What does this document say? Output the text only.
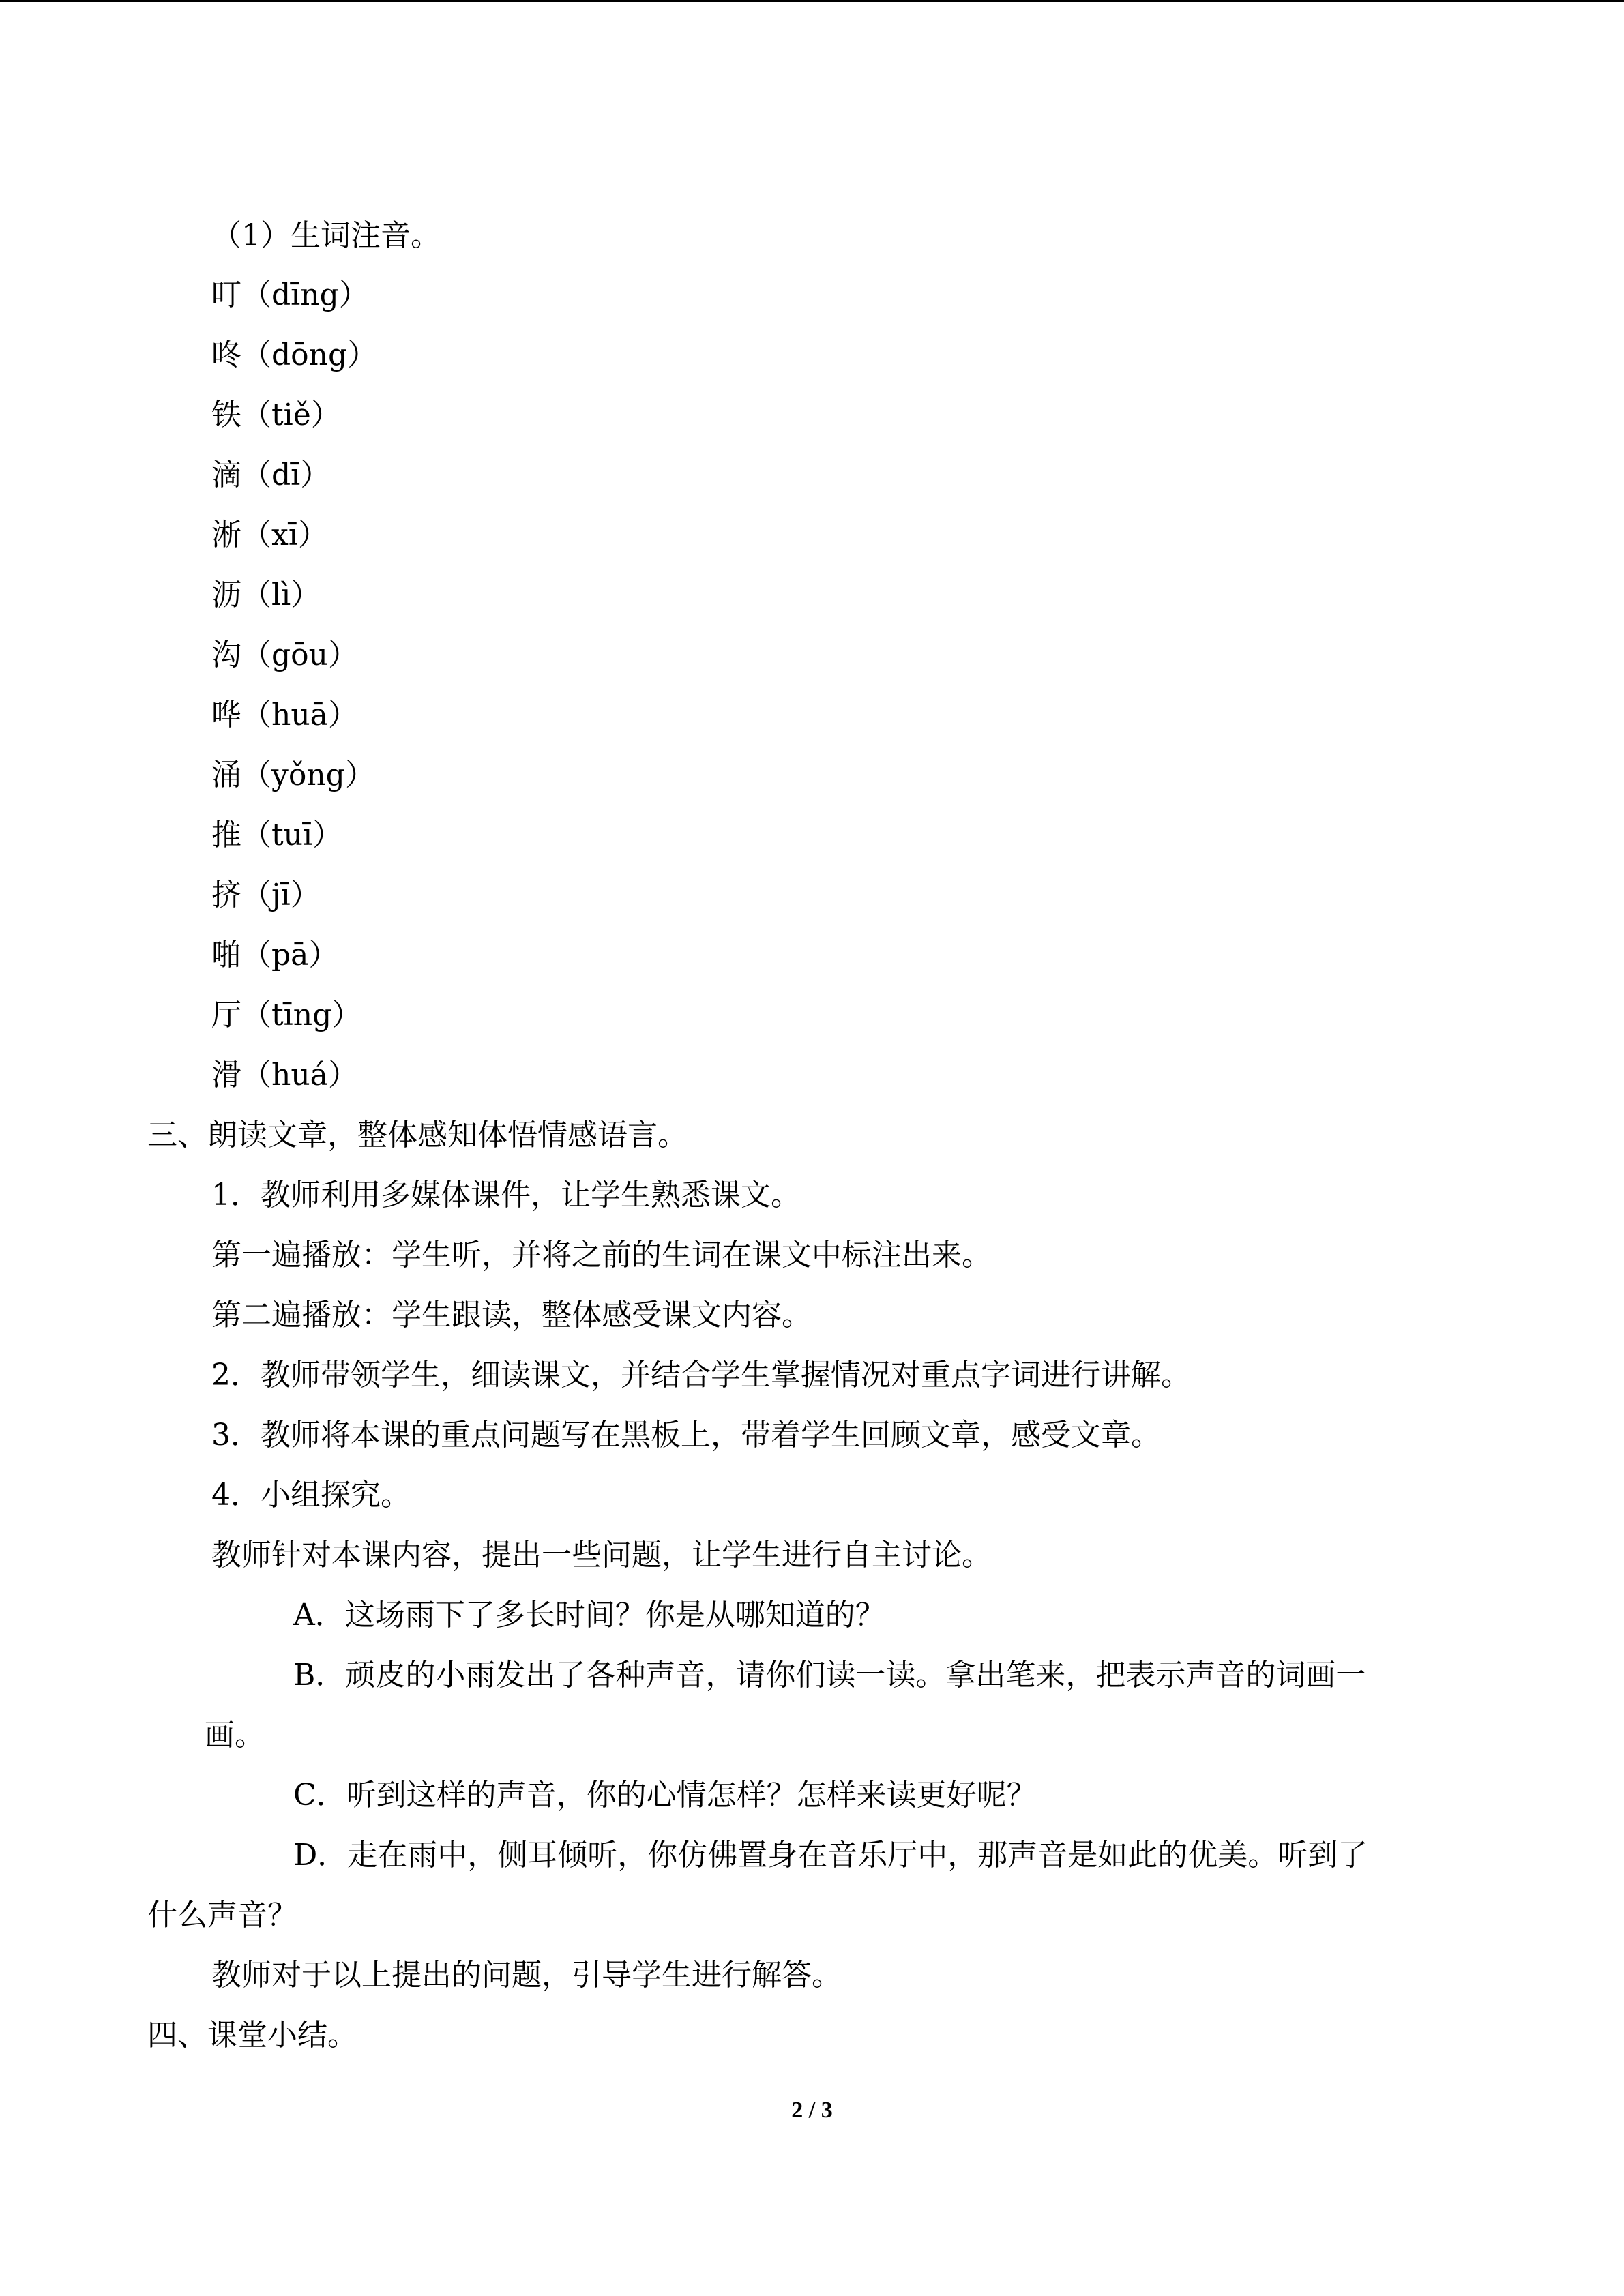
（1）生词注音。
叮（dīng）
咚（dōng）
铁（tiě）
滴（dī）
淅（xī）
沥（lì）
沟（gōu）
哗（huā）
涌（yǒng）
推（tuī）
挤（jī）
啪（pā）
厅（tīng）
滑（huá）
三、朗读文章，整体感知体悟情感语言。
1．教师利用多媒体课件，让学生熟悉课文。
第一遍播放：学生听，并将之前的生词在课文中标注出来。
第二遍播放：学生跟读，整体感受课文内容。
2．教师带领学生，细读课文，并结合学生掌握情况对重点字词进行讲解。
3．教师将本课的重点问题写在黑板上，带着学生回顾文章，感受文章。
4．小组探究。
教师针对本课内容，提出一些问题，让学生进行自主讨论。
A．这场雨下了多长时间？你是从哪知道的？
B．顽皮的小雨发出了各种声音，请你们读一读。拿出笔来，把表示声音的词画一
画。
C．听到这样的声音，你的心情怎样？怎样来读更好呢？
D．走在雨中，侧耳倾听，你仿佛置身在音乐厅中，那声音是如此的优美。听到了
什么声音？
教师对于以上提出的问题，引导学生进行解答。
四、课堂小结。
2 / 3
